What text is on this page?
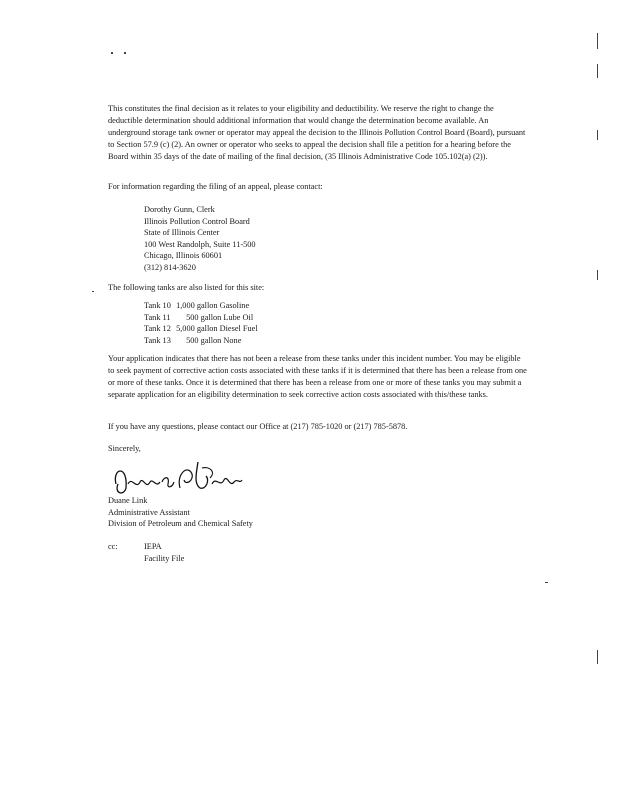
This constitutes the final decision as it relates to your eligibility and deductibility. We reserve the right to change the deductible determination should additional information that would change the determination become available. An underground storage tank owner or operator may appeal the decision to the Illinois Pollution Control Board (Board), pursuant to Section 57.9 (c) (2). An owner or operator who seeks to appeal the decision shall file a petition for a hearing before the Board within 35 days of the date of mailing of the final decision, (35 Illinois Administrative Code 105.102(a) (2)).
For information regarding the filing of an appeal, please contact:
Dorothy Gunn, Clerk
Illinois Pollution Control Board
State of Illinois Center
100 West Randolph, Suite 11-500
Chicago, Illinois 60601
(312) 814-3620
The following tanks are also listed for this site:
Tank 10 1,000 gallon Gasoline
Tank 11 500 gallon Lube Oil
Tank 12 5,000 gallon Diesel Fuel
Tank 13 500 gallon None
Your application indicates that there has not been a release from these tanks under this incident number. You may be eligible to seek payment of corrective action costs associated with these tanks if it is determined that there has been a release from one or more of these tanks. Once it is determined that there has been a release from one or more of these tanks you may submit a separate application for an eligibility determination to seek corrective action costs associated with this/these tanks.
If you have any questions, please contact our Office at (217) 785-1020 or (217) 785-5878.
Sincerely,
Duane Link
Administrative Assistant
Division of Petroleum and Chemical Safety
cc:	IEPA
Facility File
